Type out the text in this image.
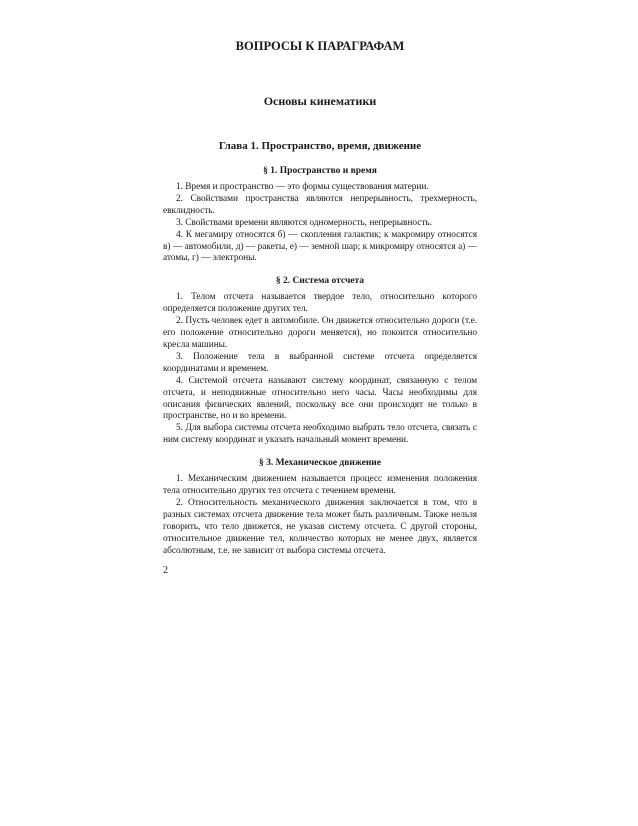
ВОПРОСЫ К ПАРАГРАФАМ
Основы кинематики
Глава 1. Пространство, время, движение
§ 1. Пространство и время

1. Время и пространство — это формы существования материи.

2. Свойствами пространства являются непрерывность, трехмерность, евклидность.

3. Свойствами времени являются одномерность, непрерывность.

4. К мегамиру относятся б) — скопления галактик; к макромиру относятся в) — автомобили, д) — ракеты, е) — земной шар; к микромиру относятся а) — атомы, г) — электроны.

§ 2. Система отсчета

1. Телом отсчета называется твердое тело, относительно которого определяется положение других тел.

2. Пусть человек едет в автомобиле. Он движется относительно дороги (т.е. его положение относительно дороги меняется), но покоится относительно кресла машины.

3. Положение тела в выбранной системе отсчета определяется координатами и временем.

4. Системой отсчета называют систему координат, связанную с телом отсчета, и неподвижные относительно него часы. Часы необходимы для описания физических явлений, поскольку все они происходят не только в пространстве, но и во времени.

5. Для выбора системы отсчета необходимо выбрать тело отсчета, связать с ним систему координат и указать начальный момент времени.

§ 3. Механическое движение

1. Механическим движением называется процесс изменения положения тела относительно других тел отсчета с течением времени.

2. Относительность механического движения заключается в том, что в разных системах отсчета движение тела может быть различным. Также нельзя говорить, что тело движется, не указав систему отсчета. С другой стороны, относительное движение тел, количество которых не менее двух, является абсолютным, т.е. не зависит от выбора системы отсчета.

2
